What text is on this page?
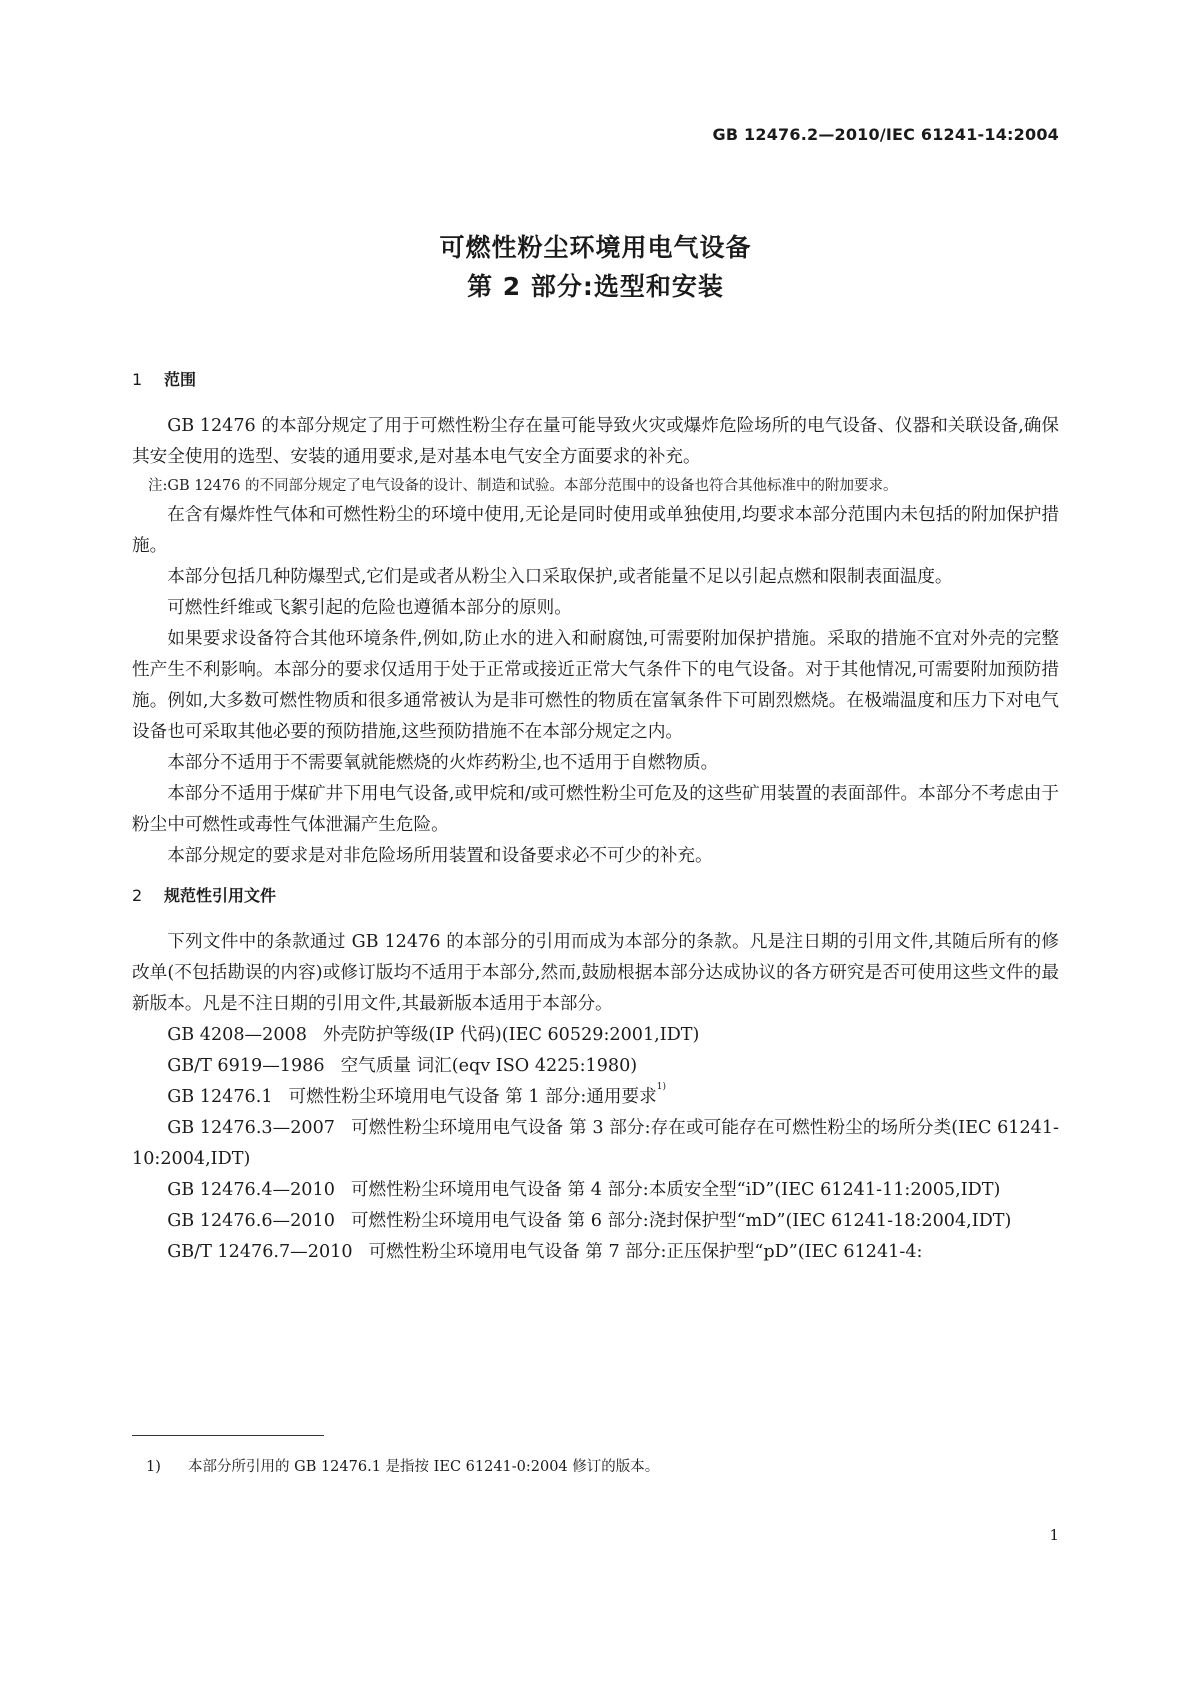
GB 12476.2—2010/IEC 61241-14:2004
可燃性粉尘环境用电气设备
第 2 部分:选型和安装
1 范围

GB 12476 的本部分规定了用于可燃性粉尘存在量可能导致火灾或爆炸危险场所的电气设备、仪器和关联设备,确保其安全使用的选型、安装的通用要求,是对基本电气安全方面要求的补充。

注:GB 12476 的不同部分规定了电气设备的设计、制造和试验。本部分范围中的设备也符合其他标准中的附加要求。

在含有爆炸性气体和可燃性粉尘的环境中使用,无论是同时使用或单独使用,均要求本部分范围内未包括的附加保护措施。

本部分包括几种防爆型式,它们是或者从粉尘入口采取保护,或者能量不足以引起点燃和限制表面温度。

可燃性纤维或飞絮引起的危险也遵循本部分的原则。

如果要求设备符合其他环境条件,例如,防止水的进入和耐腐蚀,可需要附加保护措施。采取的措施不宜对外壳的完整性产生不利影响。本部分的要求仅适用于处于正常或接近正常大气条件下的电气设备。对于其他情况,可需要附加预防措施。例如,大多数可燃性物质和很多通常被认为是非可燃性的物质在富氧条件下可剧烈燃烧。在极端温度和压力下对电气设备也可采取其他必要的预防措施,这些预防措施不在本部分规定之内。

本部分不适用于不需要氧就能燃烧的火炸药粉尘,也不适用于自燃物质。

本部分不适用于煤矿井下用电气设备,或甲烷和/或可燃性粉尘可危及的这些矿用装置的表面部件。本部分不考虑由于粉尘中可燃性或毒性气体泄漏产生危险。

本部分规定的要求是对非危险场所用装置和设备要求必不可少的补充。

2 规范性引用文件

下列文件中的条款通过 GB 12476 的本部分的引用而成为本部分的条款。凡是注日期的引用文件,其随后所有的修改单(不包括勘误的内容)或修订版均不适用于本部分,然而,鼓励根据本部分达成协议的各方研究是否可使用这些文件的最新版本。凡是不注日期的引用文件,其最新版本适用于本部分。

GB 4208—2008 外壳防护等级(IP 代码)(IEC 60529:2001,IDT)

GB/T 6919—1986 空气质量 词汇(eqv ISO 4225:1980)

GB 12476.1 可燃性粉尘环境用电气设备 第 1 部分:通用要求$^{1)}$

GB 12476.3—2007 可燃性粉尘环境用电气设备 第 3 部分:存在或可能存在可燃性粉尘的场所分类(IEC 61241-10:2004,IDT)

GB 12476.4—2010 可燃性粉尘环境用电气设备 第 4 部分:本质安全型“iD”(IEC 61241-11:2005,IDT)

GB 12476.6—2010 可燃性粉尘环境用电气设备 第 6 部分:浇封保护型“mD”(IEC 61241-18:2004,IDT)

GB/T 12476.7—2010 可燃性粉尘环境用电气设备 第 7 部分:正压保护型“pD”(IEC 61241-4:

1) 本部分所引用的 GB 12476.1 是指按 IEC 61241-0:2004 修订的版本。
1
